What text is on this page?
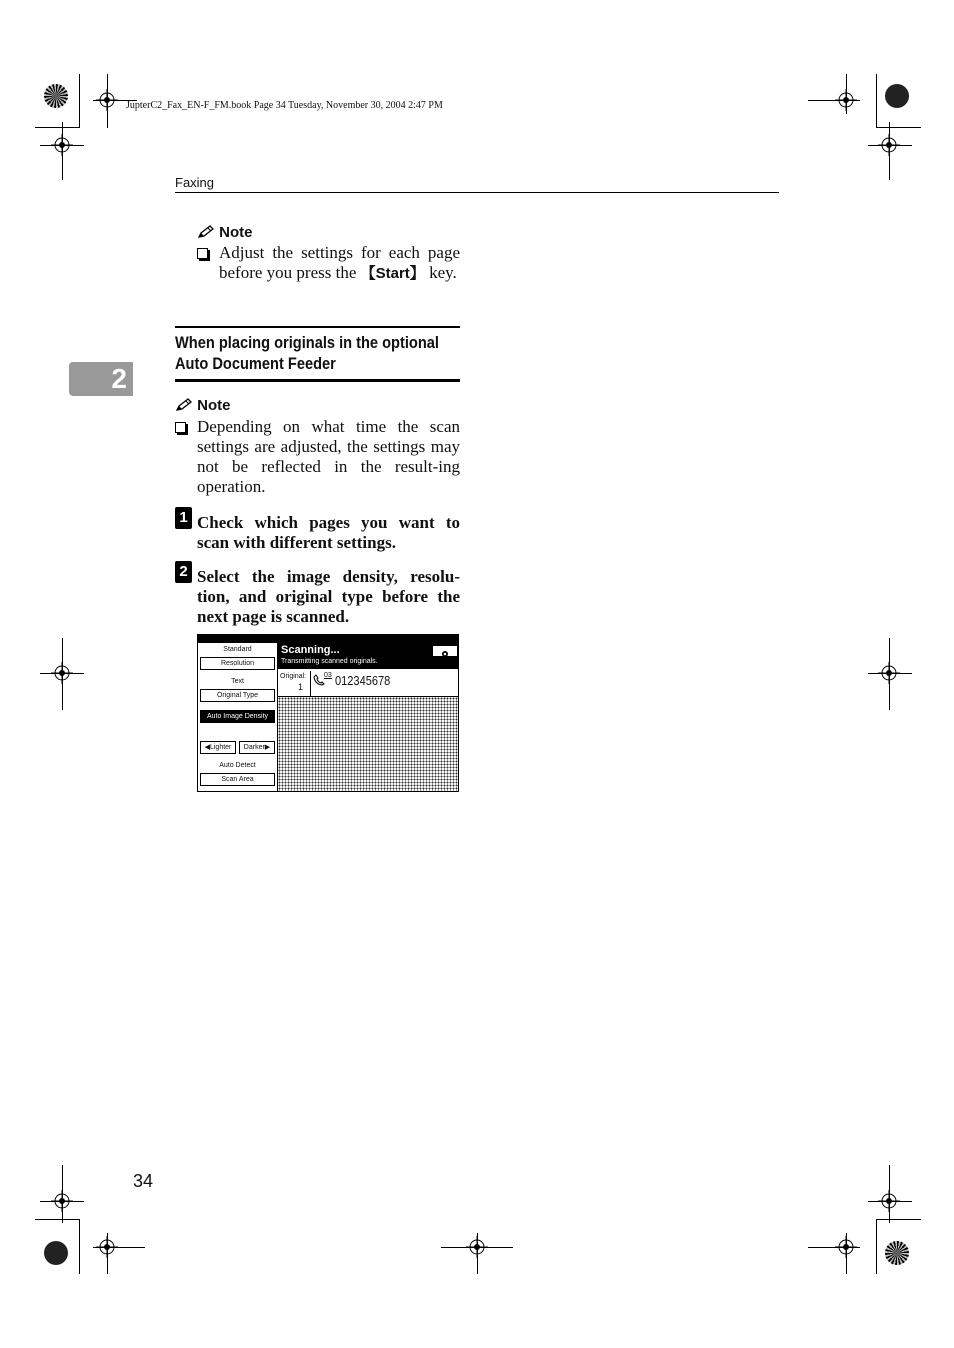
JupterC2_Fax_EN-F_FM.book Page 34 Tuesday, November 30, 2004 2:47 PM
Faxing
2
Note
Adjust the settings for each page before you press the 【Start】 key.
When placing originals in the optional
Auto Document Feeder
Note
Depending on what time the scan settings are adjusted, the settings may not be reflected in the result-ing operation.
1 Check which pages you want to scan with different settings.
2 Select the image density, resolu-tion, and original type before the next page is scanned.
Standard
Resolution
Text
Original Type
Auto Image Density
◀Lighter	Darker▶
Auto Detect
Scan Area
Scanning...
Transmitting scanned originals.
Original:
1
03 012345678
34
